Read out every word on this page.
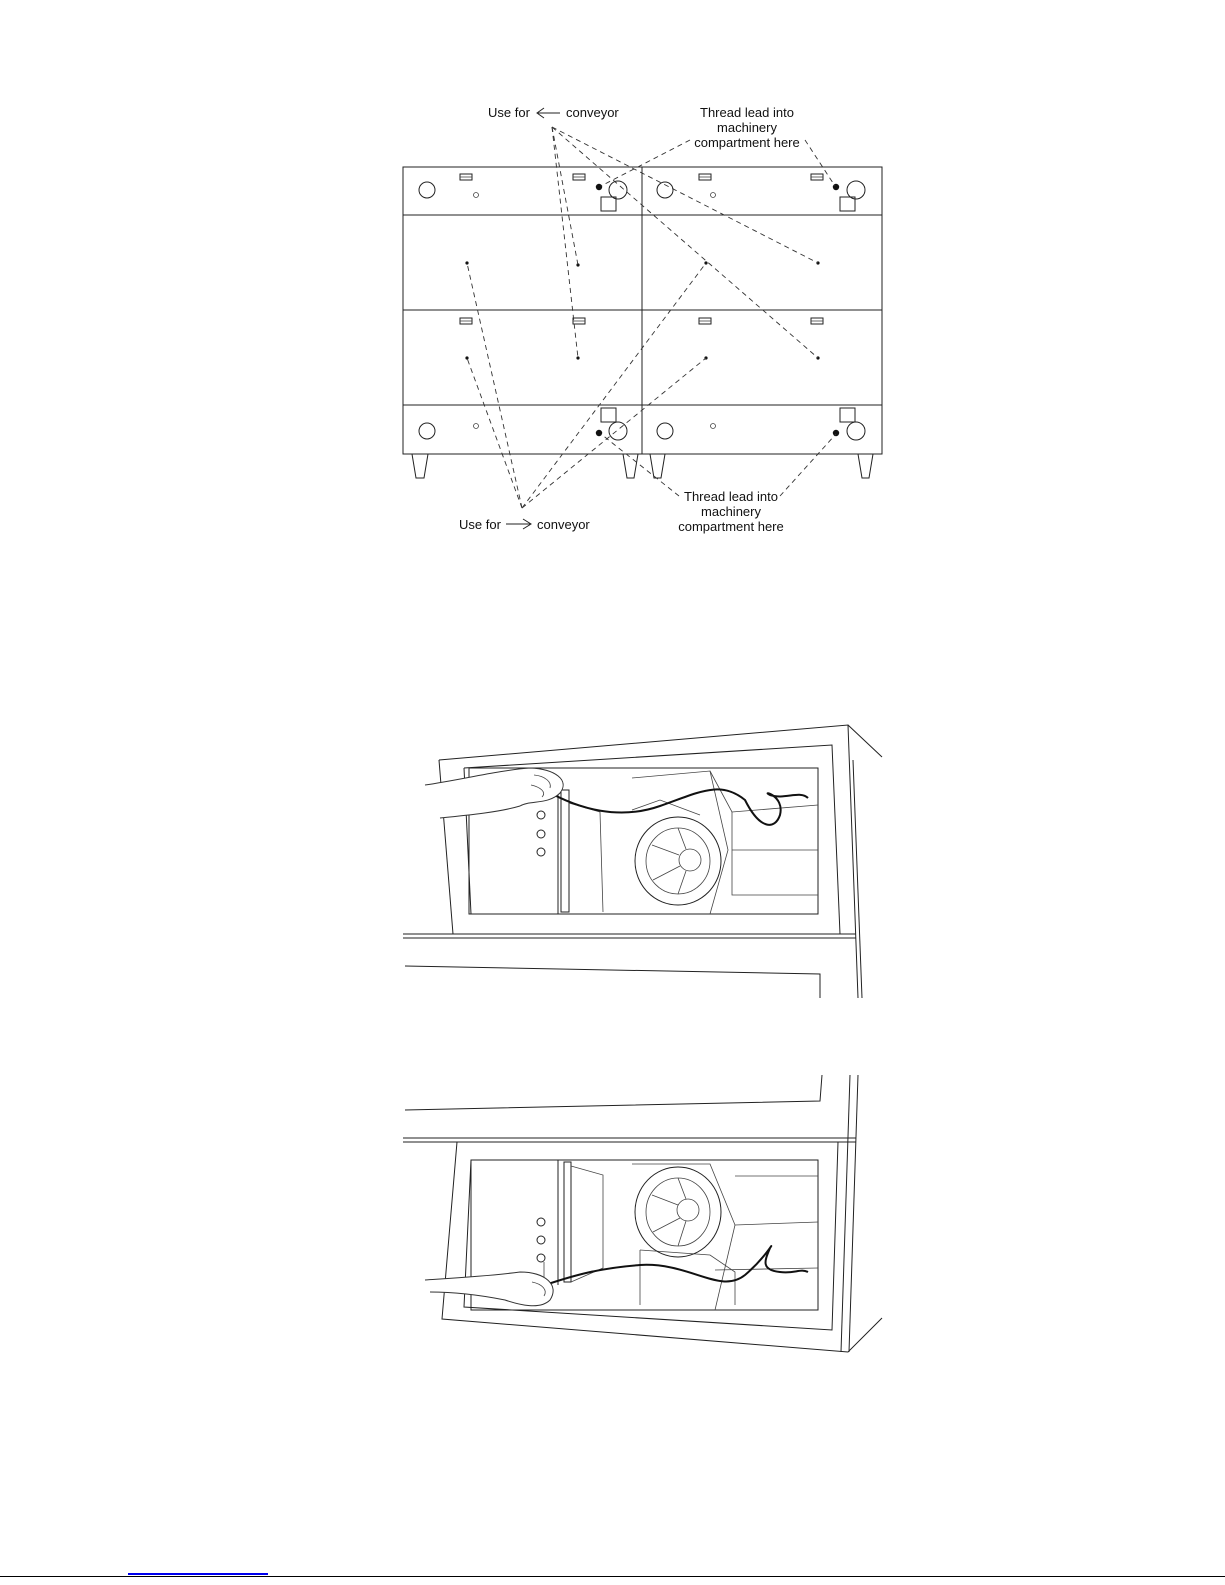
Use for	conveyor	Thread lead into
machinery
compartment here
Use for	conveyor
Thread lead into
machinery
compartment here
